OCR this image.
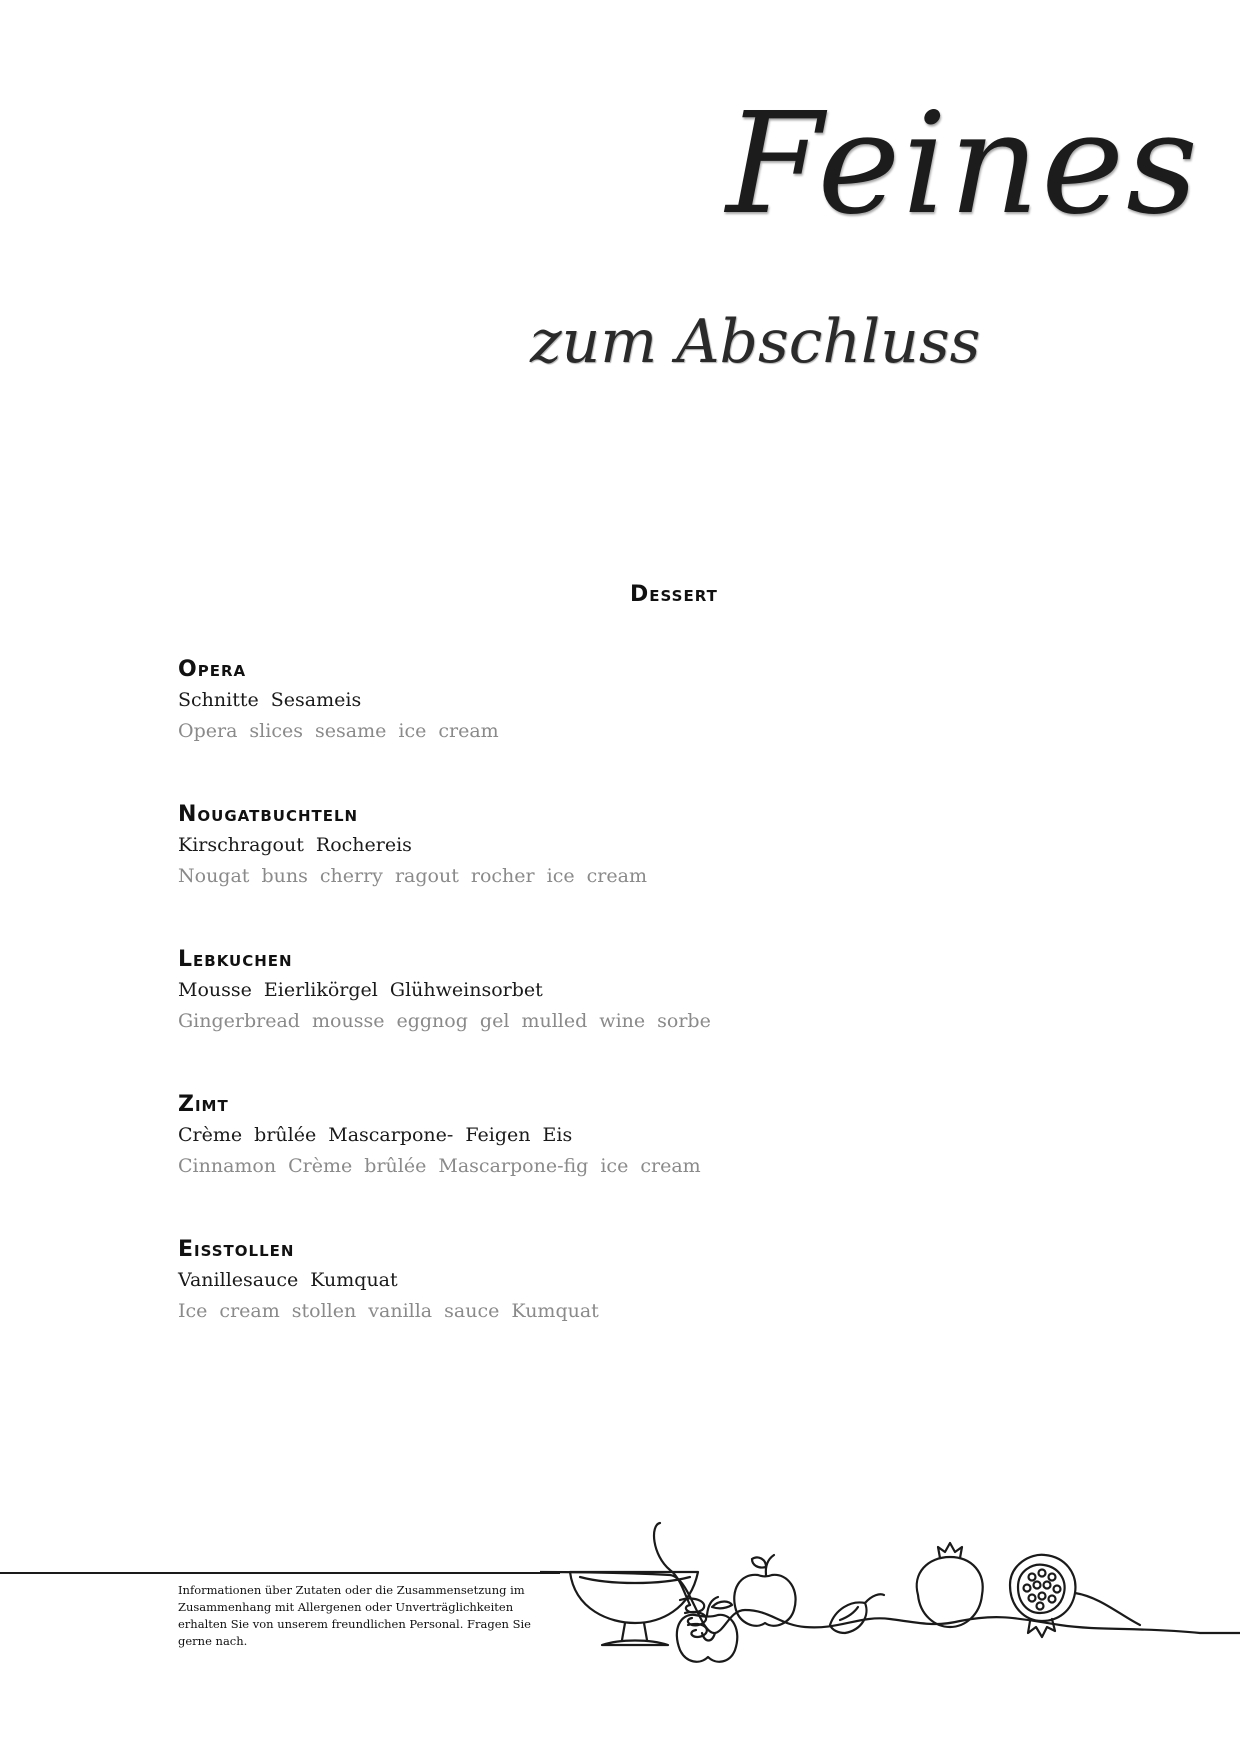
Feines
zum Abschluss
Dessert
Opera
Schnitte Sesameis
Opera slices sesame ice cream
Nougatbuchteln
Kirschragout Rochereis
Nougat buns cherry ragout rocher ice cream
Lebkuchen
Mousse Eierlikörgel Glühweinsorbet
Gingerbread mousse eggnog gel mulled wine sorbe
Zimt
Crème brûlée Mascarpone- Feigen Eis
Cinnamon Crème brûlée Mascarpone-fig ice cream
Eisstollen
Vanillesauce Kumquat
Ice cream stollen vanilla sauce Kumquat
Informationen über Zutaten oder die Zusammensetzung im Zusammenhang mit Allergenen oder Unverträglichkeiten erhalten Sie von unserem freundlichen Personal. Fragen Sie gerne nach.
